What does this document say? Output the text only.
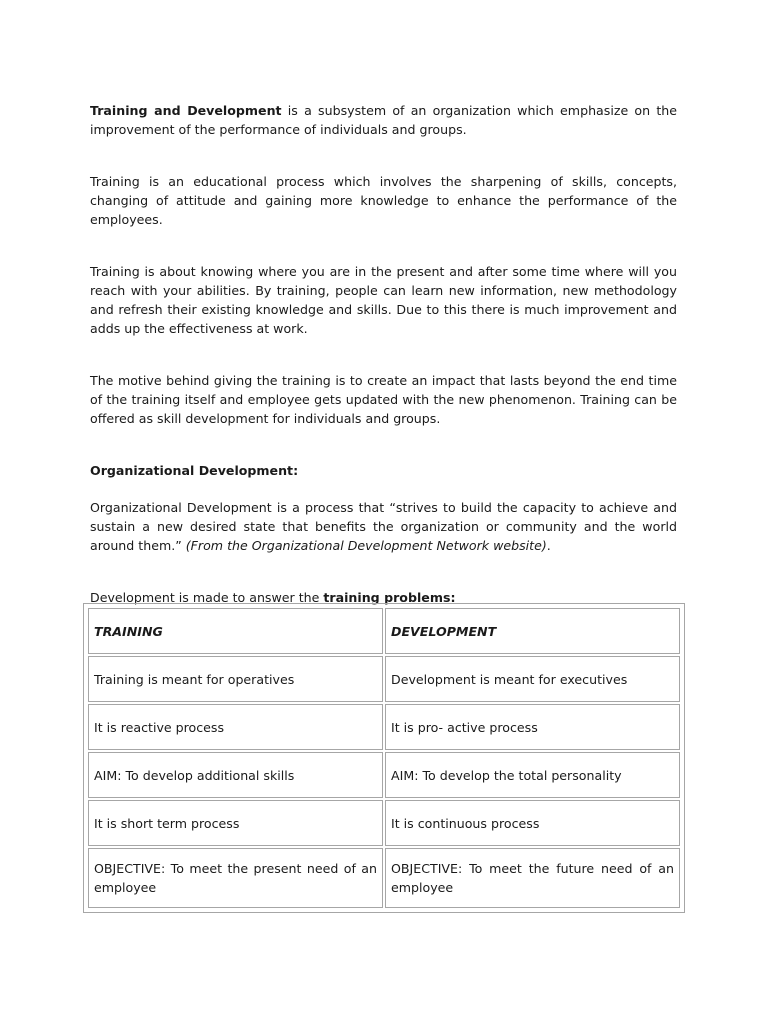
Training and Development is a subsystem of an organization which emphasize on the improvement of the performance of individuals and groups.

Training is an educational process which involves the sharpening of skills, concepts, changing of attitude and gaining more knowledge to enhance the performance of the employees.

Training is about knowing where you are in the present and after some time where will you reach with your abilities. By training, people can learn new information, new methodology and refresh their existing knowledge and skills. Due to this there is much improvement and adds up the effectiveness at work.

The motive behind giving the training is to create an impact that lasts beyond the end time of the training itself and employee gets updated with the new phenomenon. Training can be offered as skill development for individuals and groups.

Organizational Development:

Organizational Development is a process that “strives to build the capacity to achieve and sustain a new desired state that benefits the organization or community and the world around them.” (From the Organizational Development Network website).

Development is made to answer the training problems:

TRAINING	DEVELOPMENT
Training is meant for operatives	Development is meant for executives
It is reactive process	It is pro- active process
AIM: To develop additional skills	AIM: To develop the total personality
It is short term process	It is continuous process
OBJECTIVE: To meet the present need of an employee	OBJECTIVE: To meet the future need of an employee
